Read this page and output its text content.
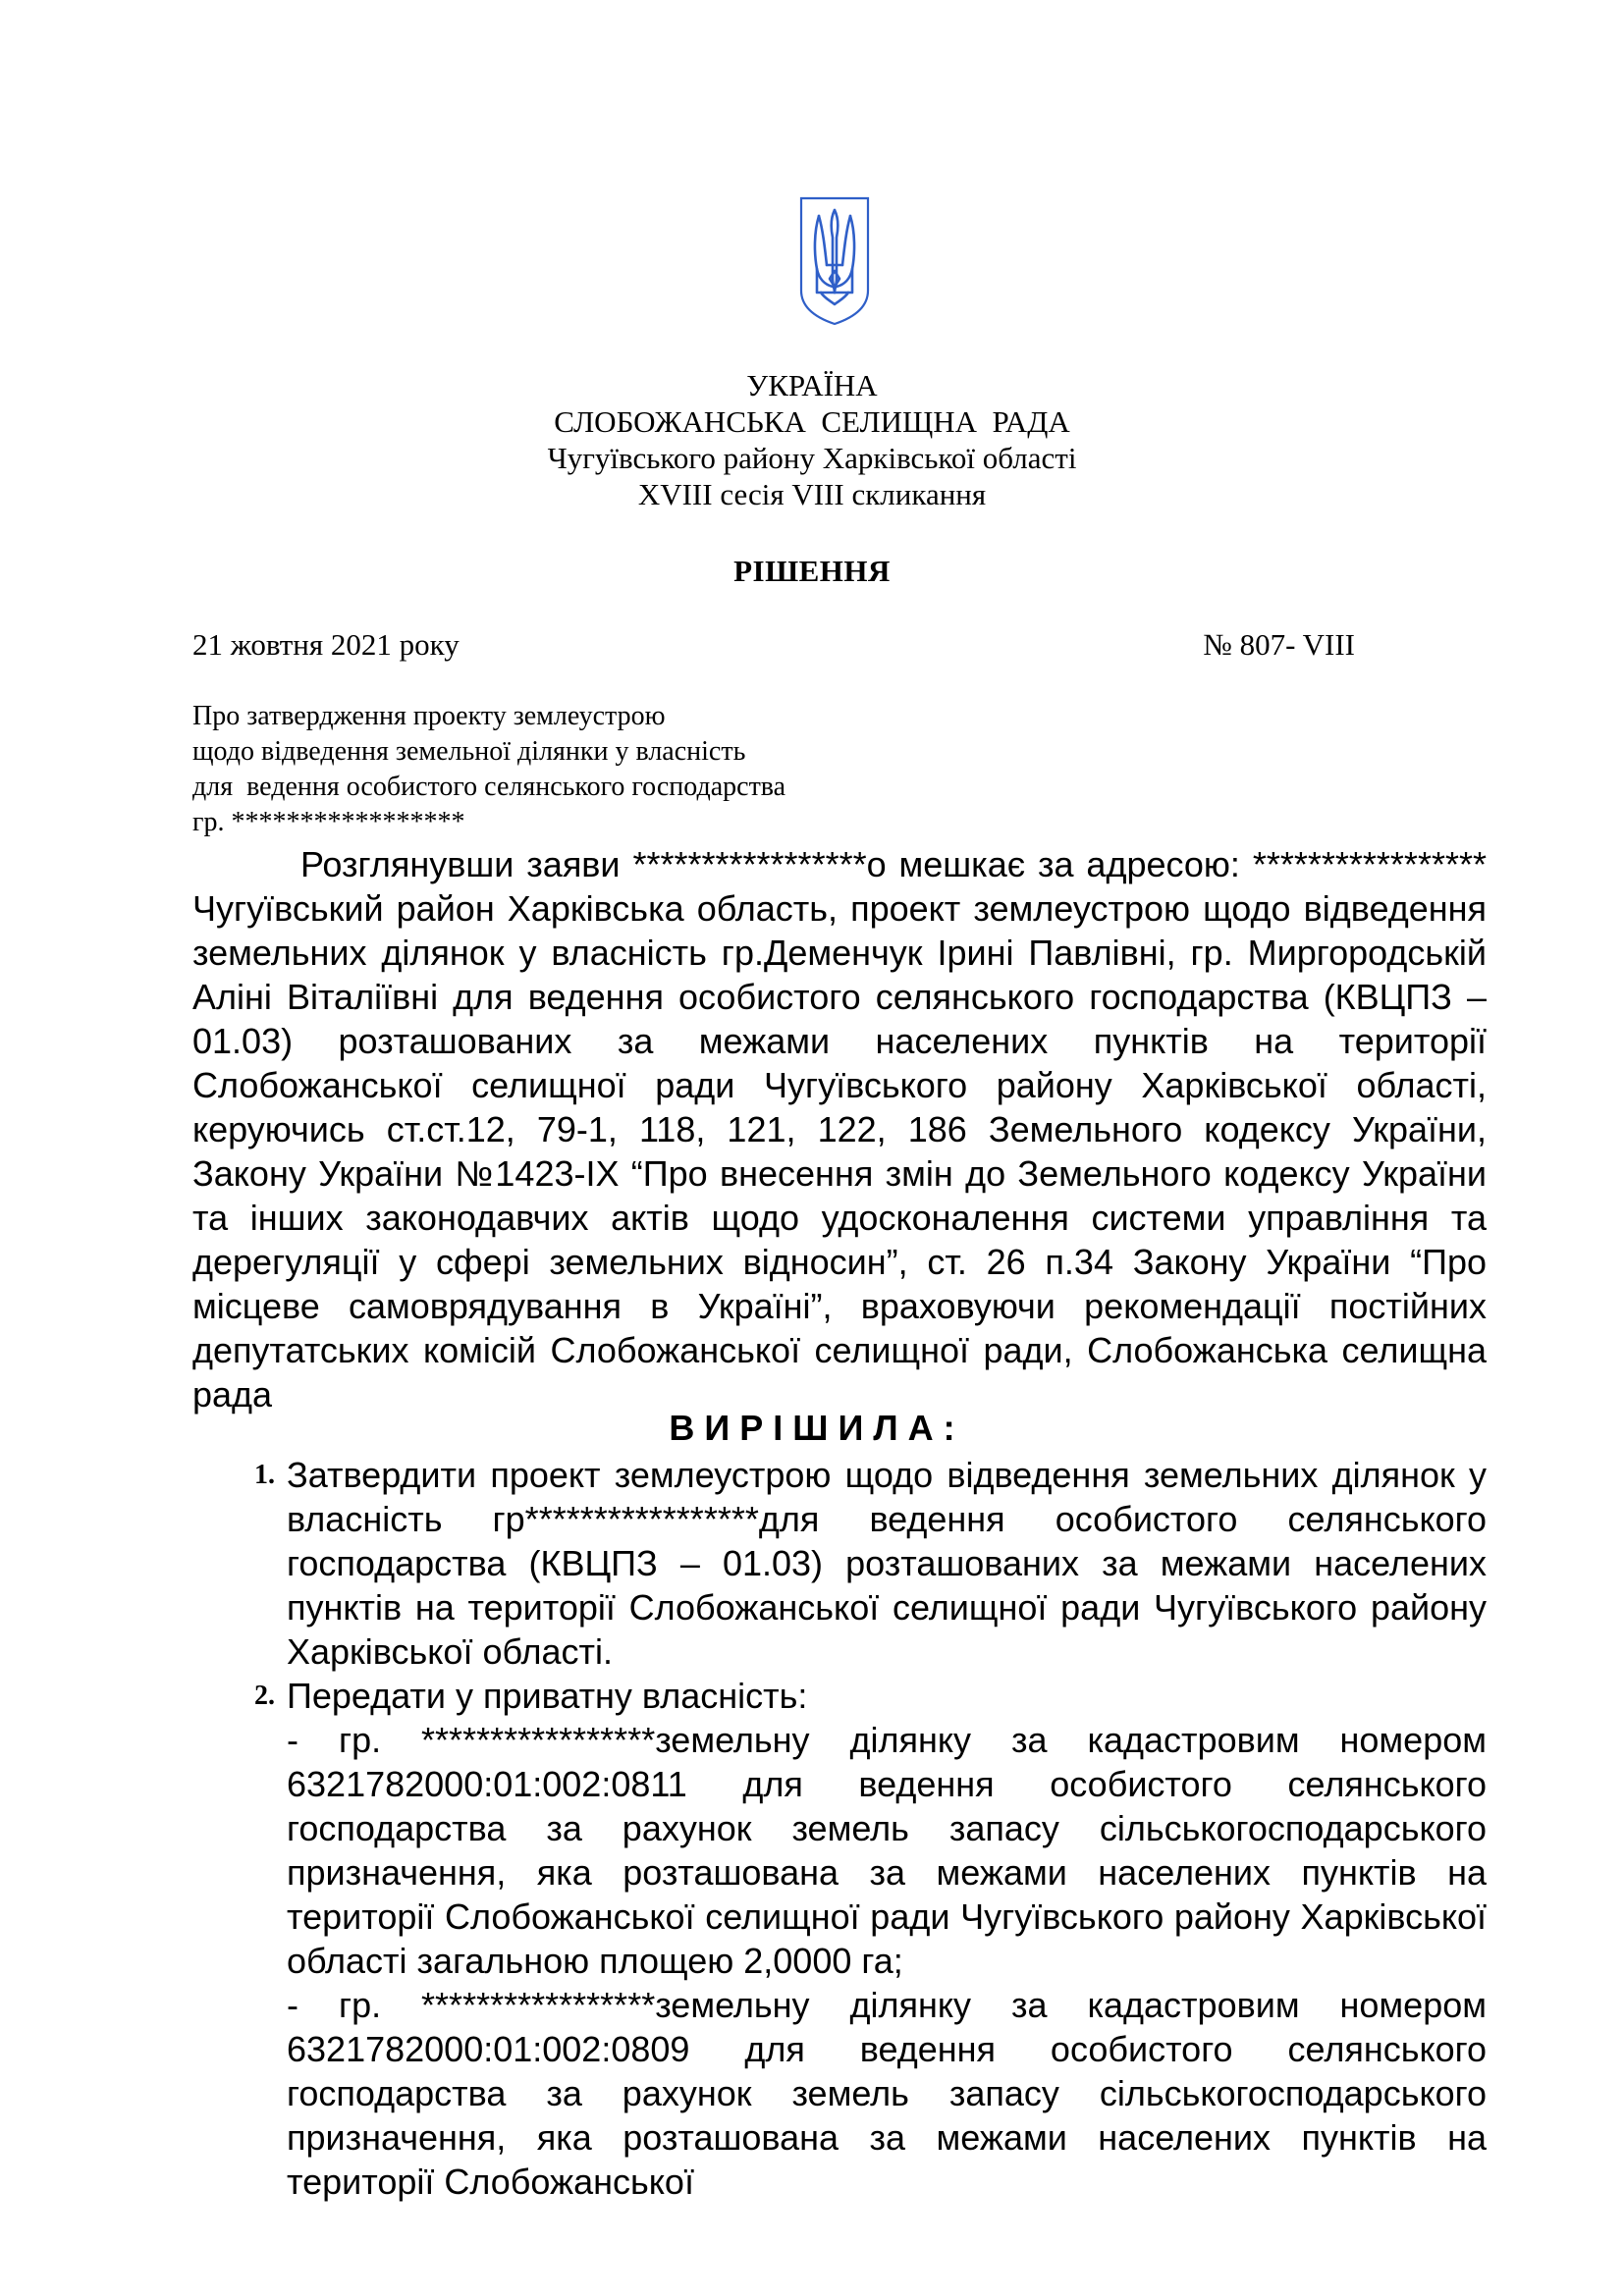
УКРАЇНА
СЛОБОЖАНСЬКА  СЕЛИЩНА  РАДА
Чугуївського району Харківської області
XVIII сесія VIII скликання
РІШЕННЯ
21 жовтня 2021 року	№ 807- VIII
Про затвердження проекту землеустрою
щодо відведення земельної ділянки у власність
для  ведення особистого селянського господарства
гр. *****************
Розглянувши заяви *****************о мешкає за адресою: ***************** Чугуївський район Харківська область, проект землеустрою щодо відведення земельних ділянок у власність гр.Деменчук Ірині Павлівні, гр. Миргородській Аліні Віталіївні для ведення особистого селянського господарства (КВЦПЗ – 01.03) розташованих за межами населених пунктів на території Слобожанської селищної ради Чугуївського району Харківської області, керуючись ст.ст.12, 79-1, 118, 121, 122, 186 Земельного кодексу України, Закону України №1423-IX “Про внесення змін до Земельного кодексу України та інших законодавчих актів щодо удосконалення системи управління та дерегуляції у сфері земельних відносин”, ст. 26 п.34 Закону України “Про місцеве самоврядування в Україні”, враховуючи рекомендації постійних депутатських комісій Слобожанської селищної ради, Слобожанська селищна рада
В И Р І Ш И Л А :
1. Затвердити проект землеустрою щодо відведення земельних ділянок у власність гр*****************для ведення особистого селянського господарства (КВЦПЗ – 01.03) розташованих за межами населених пунктів на території Слобожанської селищної ради Чугуївського району Харківської області.
2. Передати у приватну власність:
- гр. *****************земельну ділянку за кадастровим номером 6321782000:01:002:0811 для ведення особистого селянського господарства за рахунок земель запасу сільськогосподарського призначення, яка розташована за межами населених пунктів на території Слобожанської селищної ради Чугуївського району Харківської області загальною площею 2,0000 га;
- гр. *****************земельну ділянку за кадастровим номером 6321782000:01:002:0809 для ведення особистого селянського господарства за рахунок земель запасу сільськогосподарського призначення, яка розташована за межами населених пунктів на території Слобожанської
